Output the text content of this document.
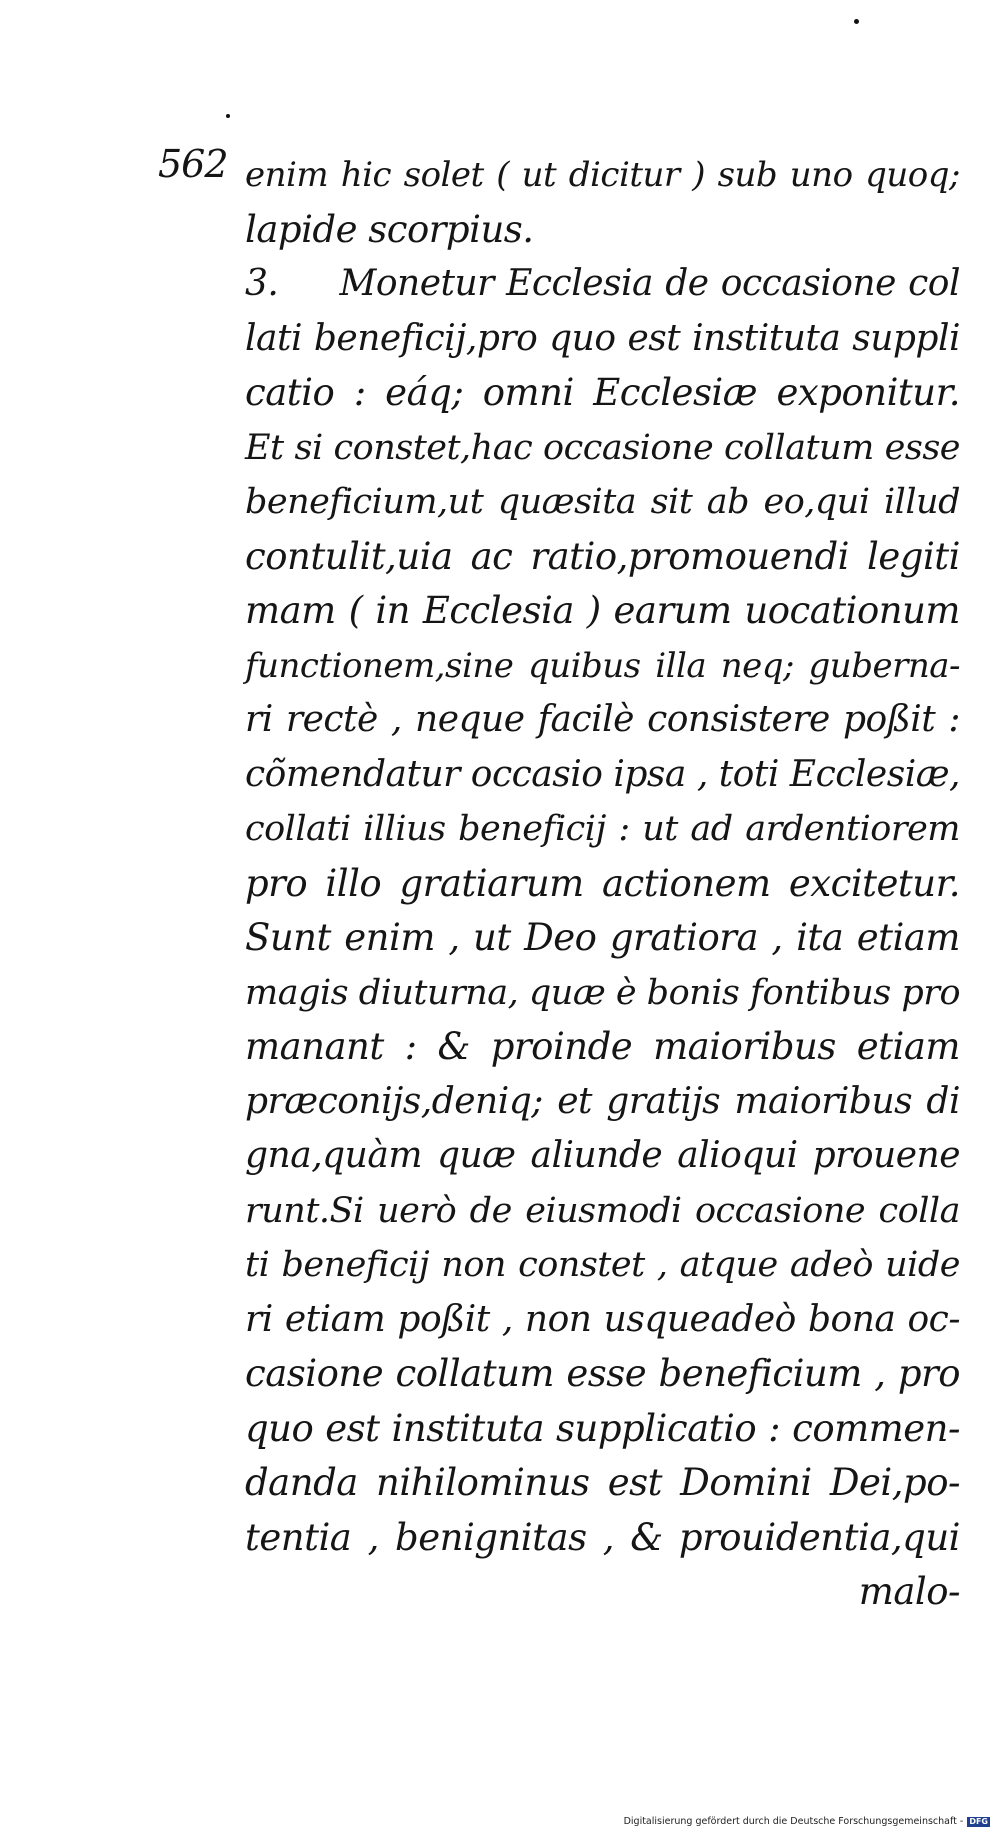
562 enim hic solet ( ut dicitur ) sub uno quoq;
lapide scorpius.
3.     Monetur Ecclesia de occasione col
lati beneficij,pro quo est instituta suppli
catio : eáq; omni Ecclesiæ exponitur.
Et si constet,hac occasione collatum esse
beneficium,ut quæsita sit ab eo,qui illud
contulit,uia ac ratio,promouendi legiti
mam ( in Ecclesia ) earum uocationum
functionem,sine quibus illa neq; guberna-
ri rectè , neque facilè consistere poßit :
cõmendatur occasio ipsa , toti Ecclesiæ,
collati illius beneficij : ut ad ardentiorem
pro illo gratiarum actionem excitetur.
Sunt enim , ut Deo gratiora , ita etiam
magis diuturna, quæ è bonis fontibus pro
manant : & proinde maioribus etiam
præconijs,deniq; et gratijs maioribus di
gna,quàm quæ aliunde alioqui prouene
runt.Si uerò de eiusmodi occasione colla
ti beneficij non constet , atque adeò uide
ri etiam poßit , non usqueadeò bona oc-
casione collatum esse beneficium , pro
quo est instituta supplicatio : commen-
danda nihilominus est Domini Dei,po-
tentia , benignitas , & prouidentia,qui
malo-
Digitalisierung gefördert durch die Deutsche Forschungsgemeinschaft - DFG
